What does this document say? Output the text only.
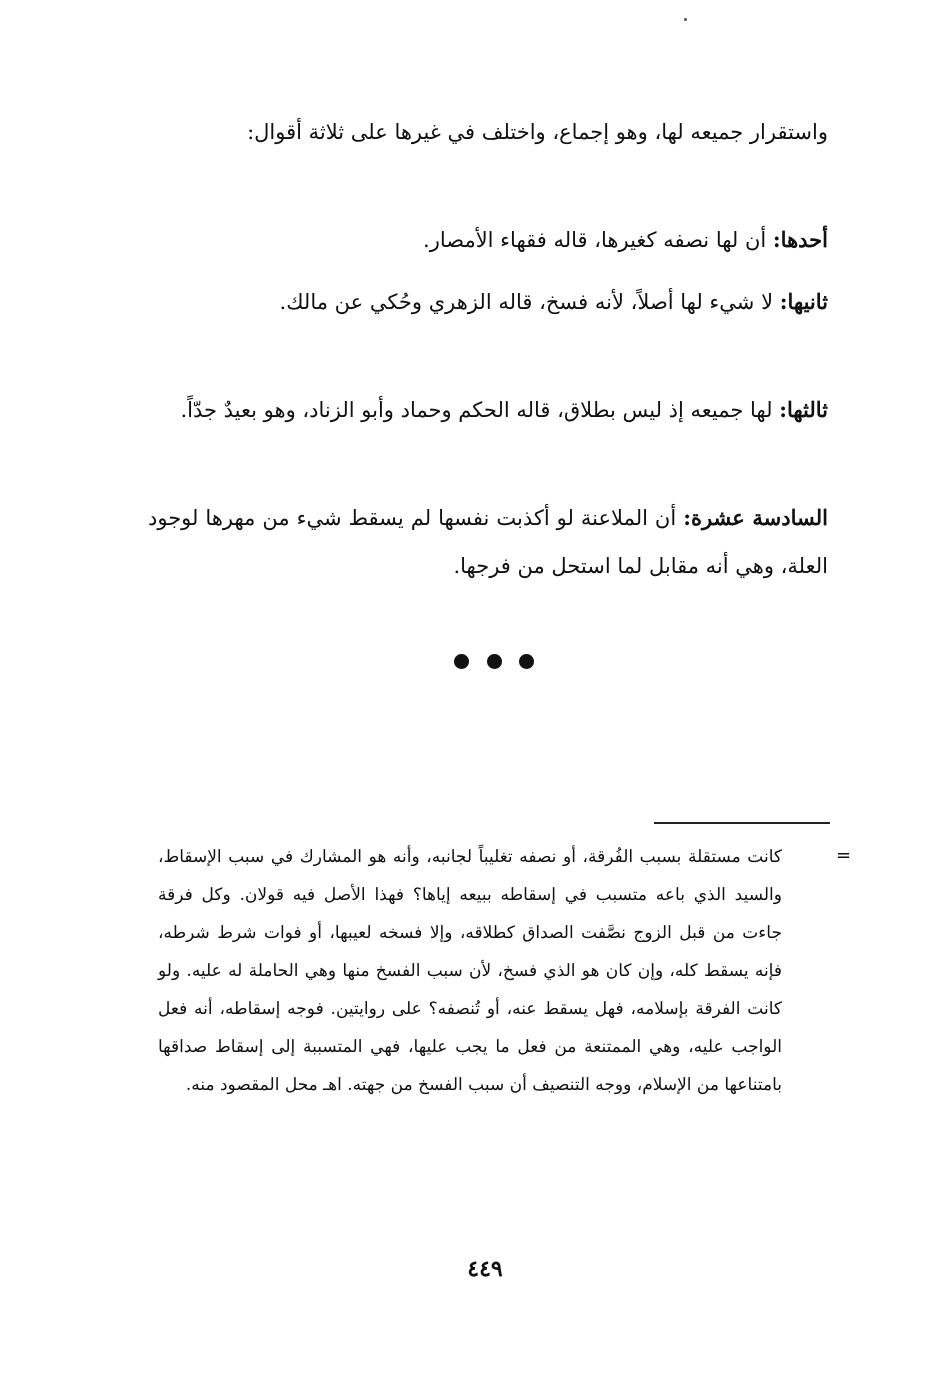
واستقرار جميعه لها، وهو إجماع، واختلف في غيرها على ثلاثة أقوال:

أحدها: أن لها نصفه كغيرها، قاله فقهاء الأمصار.

ثانيها: لا شيء لها أصلاً، لأنه فسخ، قاله الزهري وحُكي عن مالك.

ثالثها: لها جميعه إذ ليس بطلاق، قاله الحكم وحماد وأبو الزناد، وهو بعيدٌ جدّاً.

السادسة عشرة: أن الملاعنة لو أكذبت نفسها لم يسقط شيء من مهرها لوجود العلة، وهي أنه مقابل لما استحل من فرجها.

=

كانت مستقلة بسبب الفُرقة، أو نصفه تغليباً لجانبه، وأنه هو المشارك في سبب الإسقاط، والسيد الذي باعه متسبب في إسقاطه ببيعه إياها؟ فهذا الأصل فيه قولان. وكل فرقة جاءت من قبل الزوج نصَّفت الصداق كطلاقه، وإلا فسخه لعيبها، أو فوات شرط شرطه، فإنه يسقط كله، وإن كان هو الذي فسخ، لأن سبب الفسخ منها وهي الحاملة له عليه. ولو كانت الفرقة بإسلامه، فهل يسقط عنه، أو تُنصفه؟ على روايتين. فوجه إسقاطه، أنه فعل الواجب عليه، وهي الممتنعة من فعل ما يجب عليها، فهي المتسببة إلى إسقاط صداقها بامتناعها من الإسلام، ووجه التنصيف أن سبب الفسخ من جهته. اهـ محل المقصود منه.

٤٤٩
